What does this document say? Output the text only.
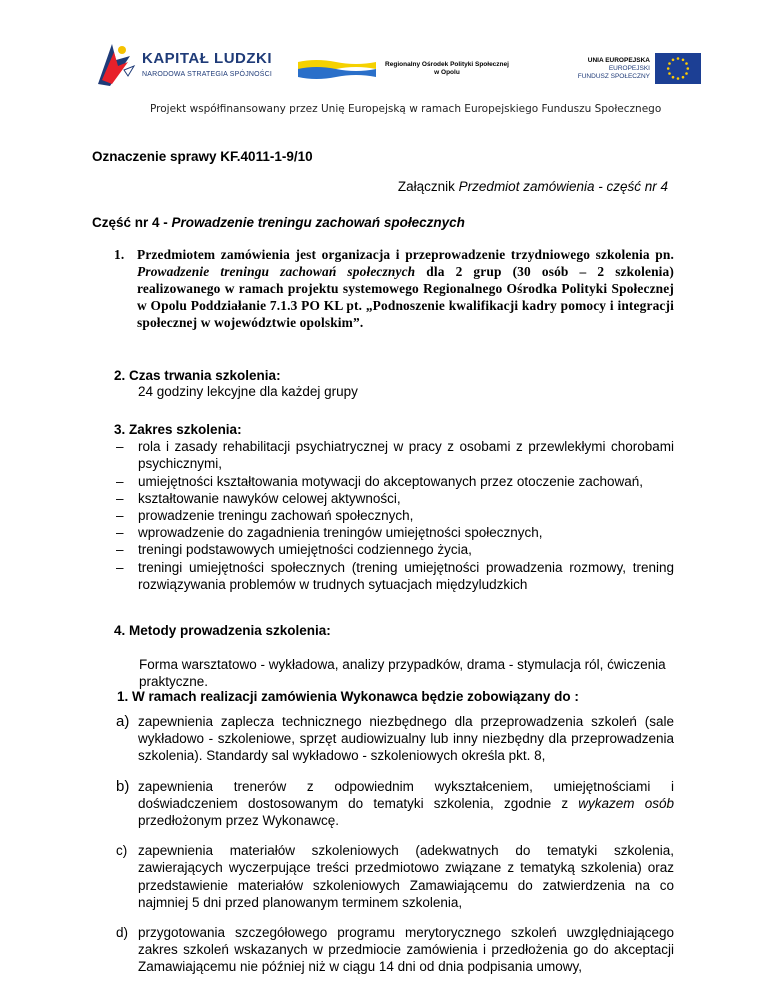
KAPITAŁ LUDZKI
NARODOWA STRATEGIA SPÓJNOŚCI
Regionalny Ośrodek Polityki Społecznej
w Opolu
UNIA EUROPEJSKA
EUROPEJSKI
FUNDUSZ SPOŁECZNY
Projekt współfinansowany przez Unię Europejską w ramach Europejskiego Funduszu Społecznego
Oznaczenie sprawy KF.4011-1-9/10
Załącznik Przedmiot zamówienia - część nr 4
Część nr 4 - Prowadzenie treningu zachowań społecznych
1. Przedmiotem zamówienia jest organizacja i przeprowadzenie trzydniowego szkolenia pn. Prowadzenie treningu zachowań społecznych dla 2 grup (30 osób – 2 szkolenia) realizowanego w ramach projektu systemowego Regionalnego Ośrodka Polityki Społecznej w Opolu Poddziałanie 7.1.3 PO KL pt. „Podnoszenie kwalifikacji kadry pomocy i integracji społecznej w województwie opolskim”.
2. Czas trwania szkolenia:
24 godziny lekcyjne dla każdej grupy
3. Zakres szkolenia:
– rola i zasady rehabilitacji psychiatrycznej w pracy z osobami z przewlekłymi chorobami psychicznymi,
– umiejętności kształtowania motywacji do akceptowanych przez otoczenie zachowań,
– kształtowanie nawyków celowej aktywności,
– prowadzenie treningu zachowań społecznych,
– wprowadzenie do zagadnienia treningów umiejętności społecznych,
– treningi podstawowych umiejętności codziennego życia,
– treningi umiejętności społecznych (trening umiejętności prowadzenia rozmowy, trening rozwiązywania problemów w trudnych sytuacjach międzyludzkich
4. Metody prowadzenia szkolenia:
Forma warsztatowo - wykładowa, analizy przypadków, drama - stymulacja ról, ćwiczenia praktyczne.
1. W ramach realizacji zamówienia Wykonawca będzie zobowiązany do :
a) zapewnienia zaplecza technicznego niezbędnego dla przeprowadzenia szkoleń (sale wykładowo - szkoleniowe, sprzęt audiowizualny lub inny niezbędny dla przeprowadzenia szkolenia). Standardy sal wykładowo - szkoleniowych określa pkt. 8,
b) zapewnienia trenerów z odpowiednim wykształceniem, umiejętnościami i doświadczeniem dostosowanym do tematyki szkolenia, zgodnie z wykazem osób przedłożonym przez Wykonawcę.
c) zapewnienia materiałów szkoleniowych (adekwatnych do tematyki szkolenia, zawierających wyczerpujące treści przedmiotowo związane z tematyką szkolenia) oraz przedstawienie materiałów szkoleniowych Zamawiającemu do zatwierdzenia na co najmniej 5 dni przed planowanym terminem szkolenia,
d) przygotowania szczegółowego programu merytorycznego szkoleń uwzględniającego zakres szkoleń wskazanych w przedmiocie zamówienia i przedłożenia go do akceptacji Zamawiającemu nie później niż w ciągu 14 dni od dnia podpisania umowy,
